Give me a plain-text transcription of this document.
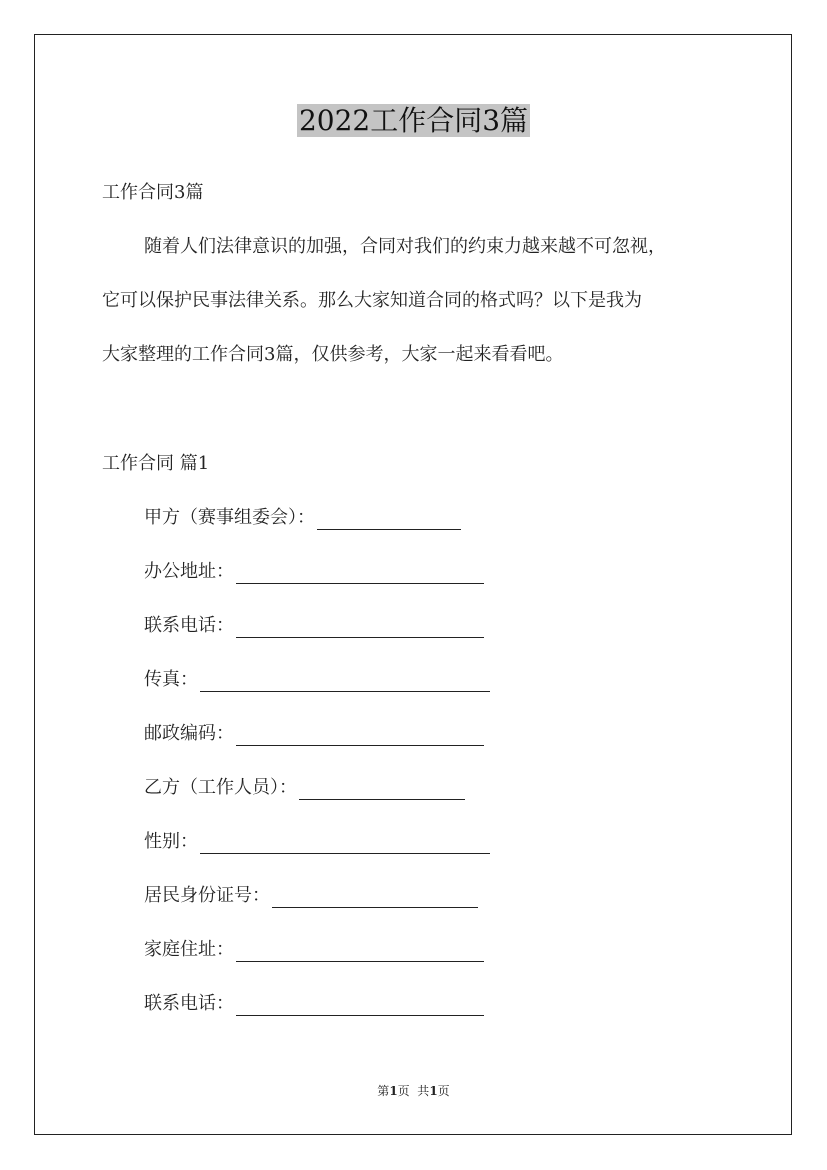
2022工作合同3篇
工作合同3篇
随着人们法律意识的加强，合同对我们的约束力越来越不可忽视，
它可以保护民事法律关系。那么大家知道合同的格式吗？以下是我为
大家整理的工作合同3篇，仅供参考，大家一起来看看吧。
工作合同 篇1
甲方（赛事组委会）：
办公地址：
联系电话：
传真：
邮政编码：
乙方（工作人员）：
性别：
居民身份证号：
家庭住址：
联系电话：
第1页  共1页
